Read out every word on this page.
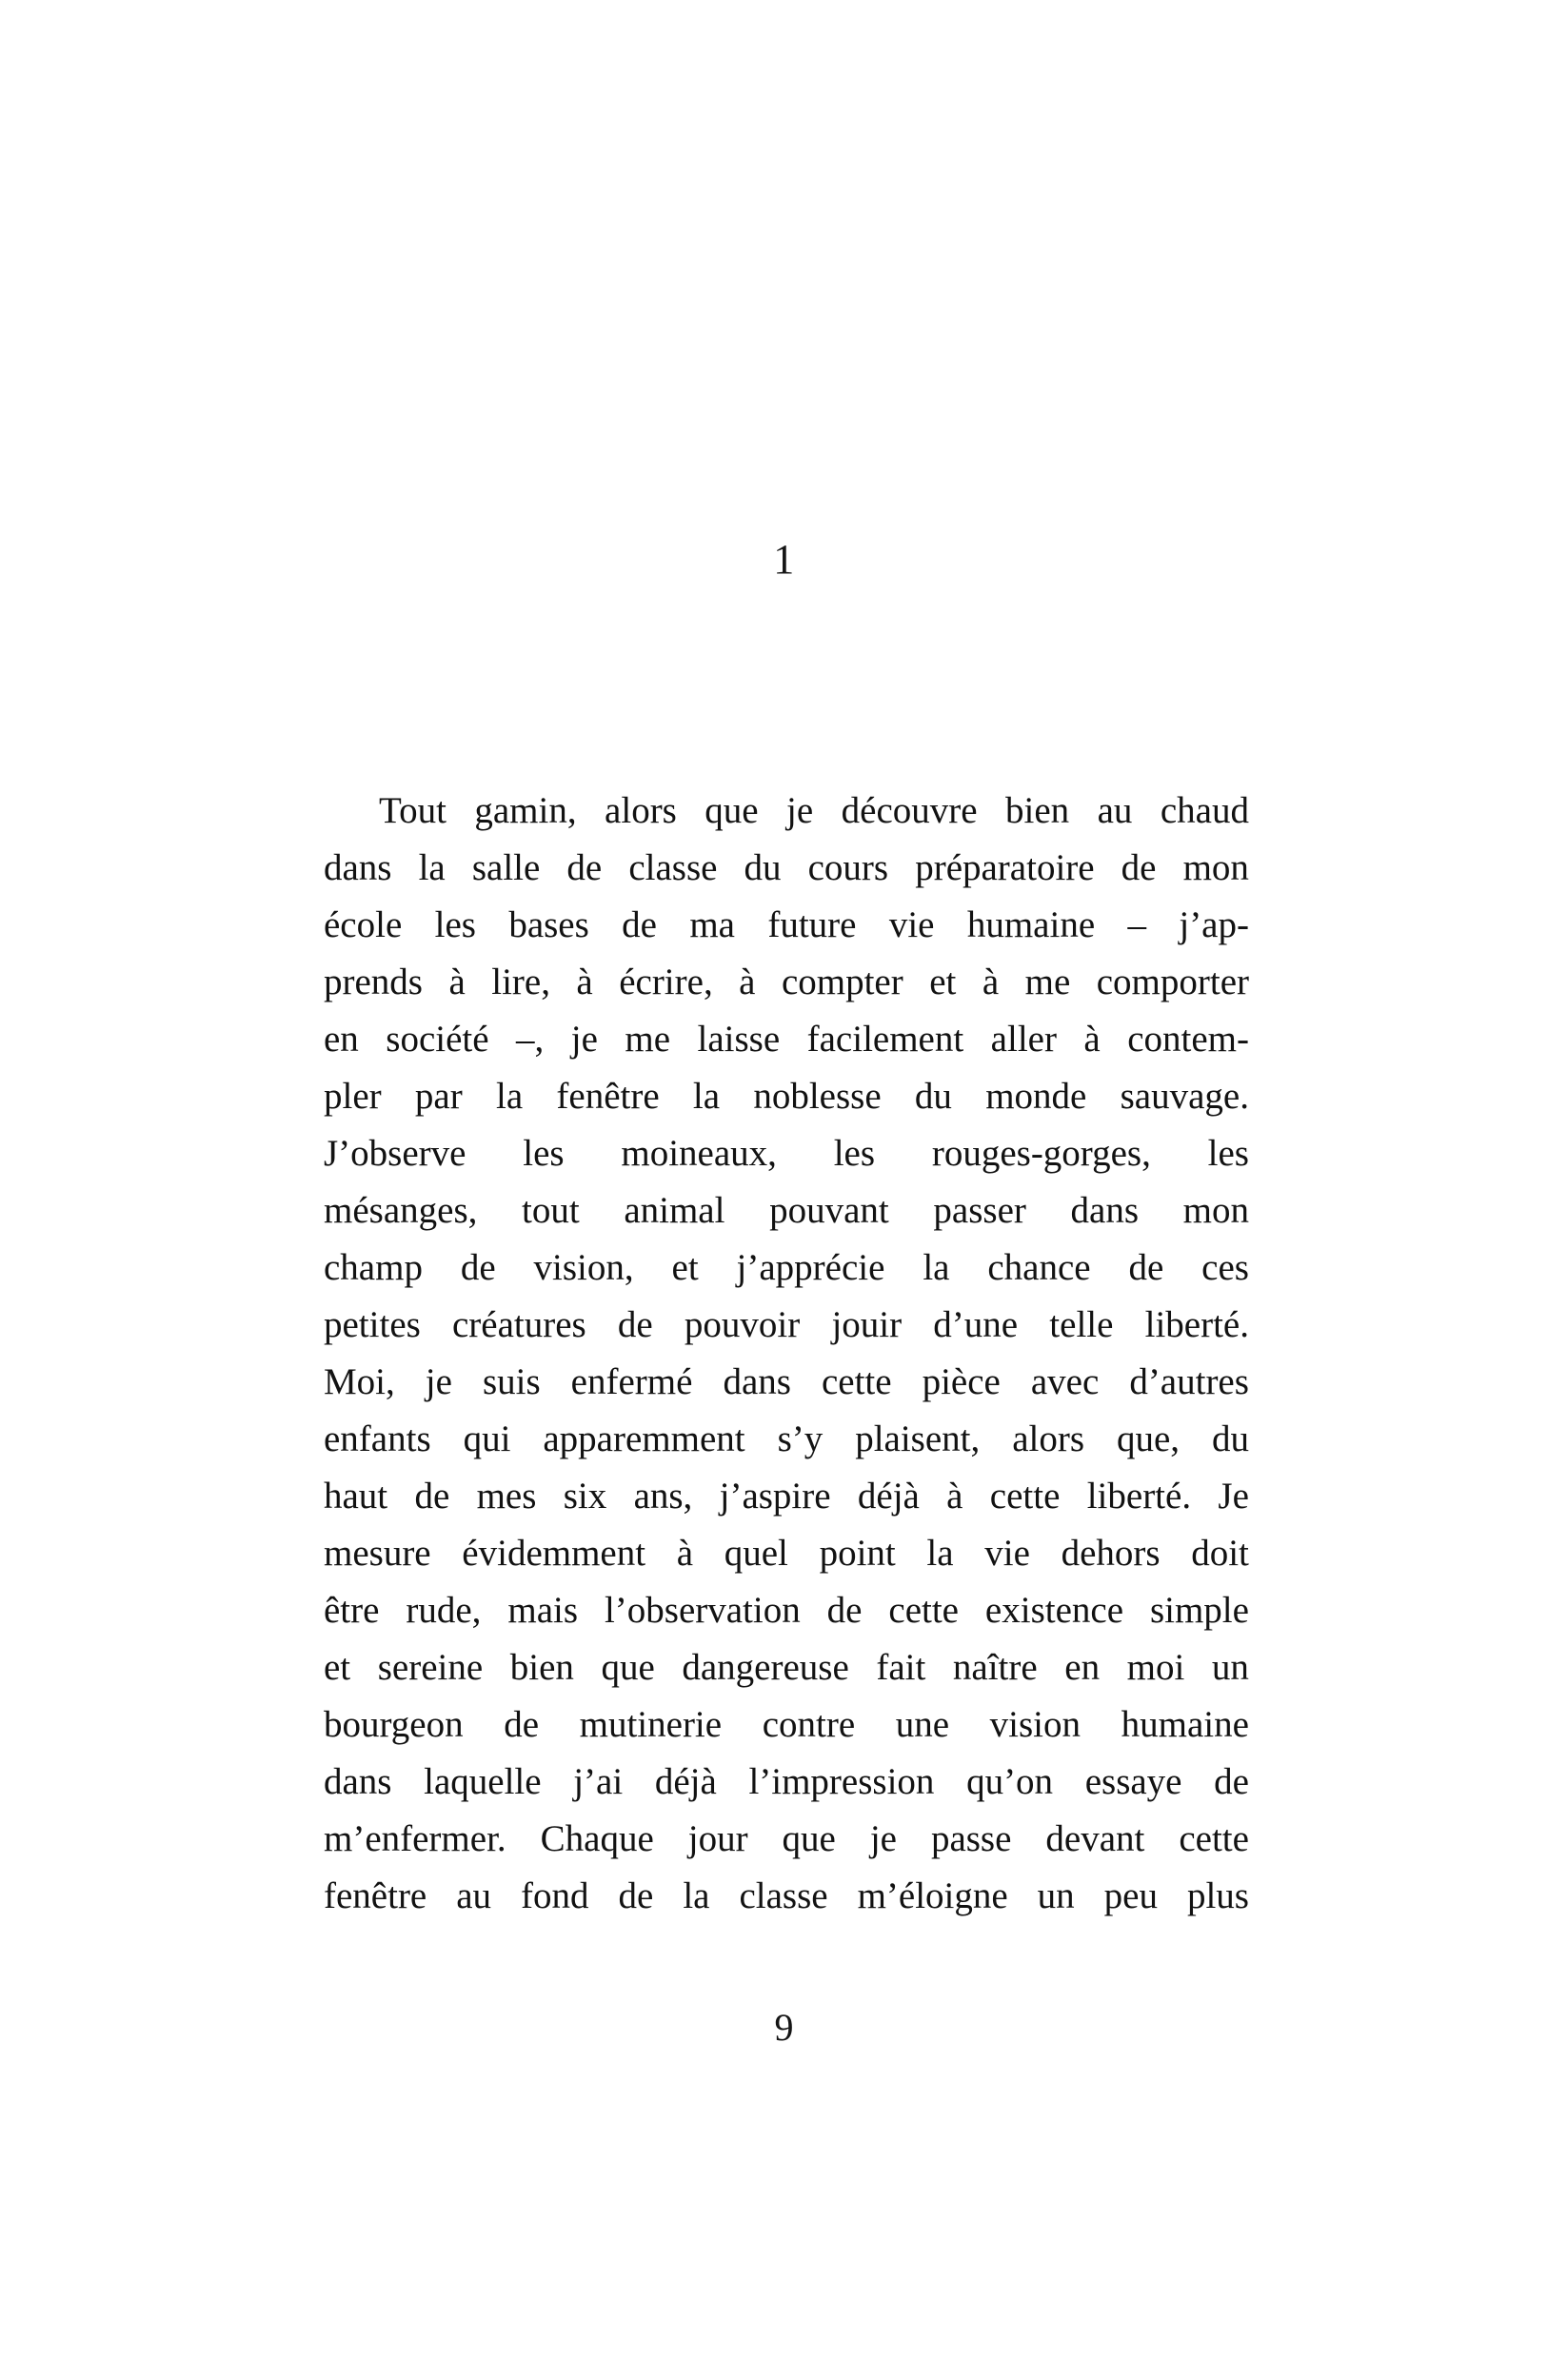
1
Tout gamin, alors que je découvre bien au chaud
dans la salle de classe du cours préparatoire de mon
école les bases de ma future vie humaine – j’ap-
prends à lire, à écrire, à compter et à me comporter
en société –, je me laisse facilement aller à contem-
pler par la fenêtre la noblesse du monde sauvage.
J’observe les moineaux, les rouges-gorges, les
mésanges, tout animal pouvant passer dans mon
champ de vision, et j’apprécie la chance de ces
petites créatures de pouvoir jouir d’une telle liberté.
Moi, je suis enfermé dans cette pièce avec d’autres
enfants qui apparemment s’y plaisent, alors que, du
haut de mes six ans, j’aspire déjà à cette liberté. Je
mesure évidemment à quel point la vie dehors doit
être rude, mais l’observation de cette existence simple
et sereine bien que dangereuse fait naître en moi un
bourgeon de mutinerie contre une vision humaine
dans laquelle j’ai déjà l’impression qu’on essaye de
m’enfermer. Chaque jour que je passe devant cette
fenêtre au fond de la classe m’éloigne un peu plus
9
